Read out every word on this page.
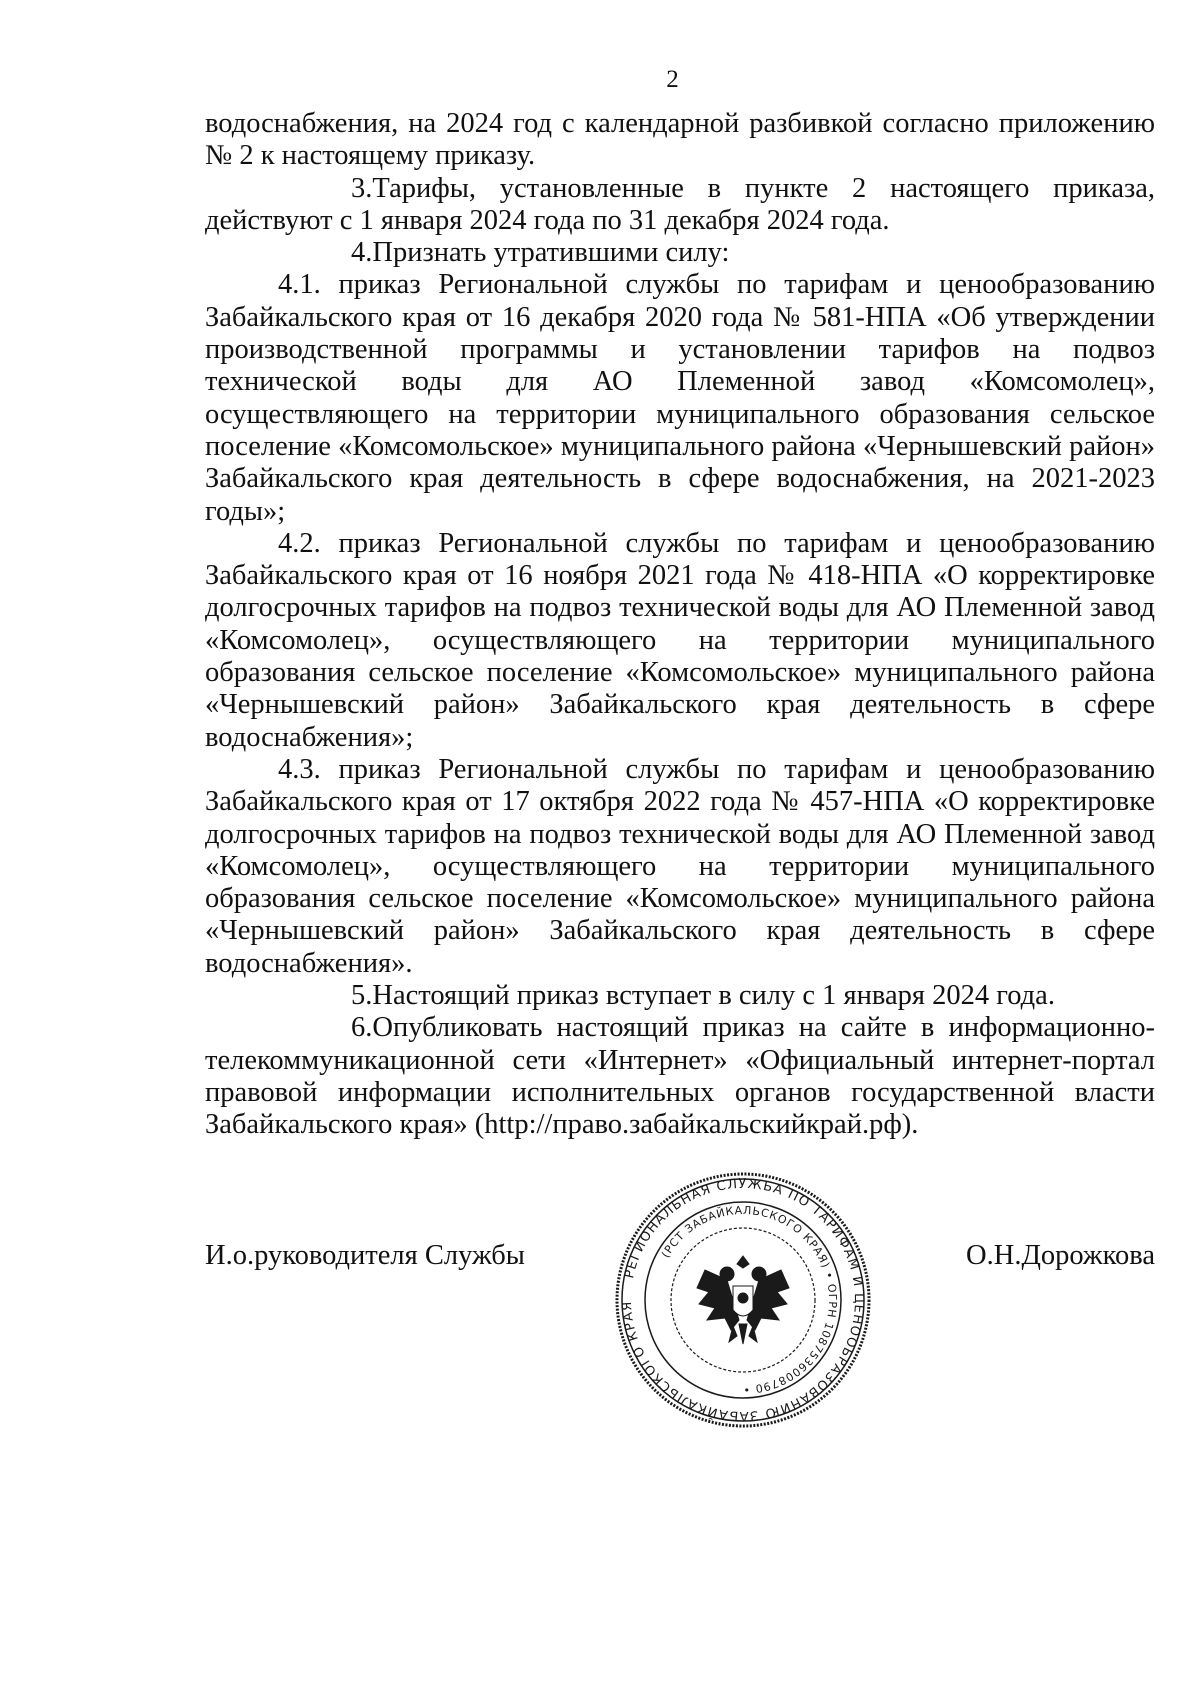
2

водоснабжения, на 2024 год с календарной разбивкой согласно приложению № 2 к настоящему приказу.

3.Тарифы, установленные в пункте 2 настоящего приказа, действуют с 1 января 2024 года по 31 декабря 2024 года.

4.Признать утратившими силу:

4.1. приказ Региональной службы по тарифам и ценообразованию Забайкальского края от 16 декабря 2020 года № 581-НПА «Об утверждении производственной программы и установлении тарифов на подвоз технической воды для АО Племенной завод «Комсомолец», осуществляющего на территории муниципального образования сельское поселение «Комсомольское» муниципального района «Чернышевский район» Забайкальского края деятельность в сфере водоснабжения, на 2021-2023 годы»;

4.2. приказ Региональной службы по тарифам и ценообразованию Забайкальского края от 16 ноября 2021 года № 418-НПА «О корректировке долгосрочных тарифов на подвоз технической воды для АО Племенной завод «Комсомолец», осуществляющего на территории муниципального образования сельское поселение «Комсомольское» муниципального района «Чернышевский район» Забайкальского края деятельность в сфере водоснабжения»;

4.3. приказ Региональной службы по тарифам и ценообразованию Забайкальского края от 17 октября 2022 года № 457-НПА «О корректировке долгосрочных тарифов на подвоз технической воды для АО Племенной завод «Комсомолец», осуществляющего на территории муниципального образования сельское поселение «Комсомольское» муниципального района «Чернышевский район» Забайкальского края деятельность в сфере водоснабжения».

5.Настоящий приказ вступает в силу с 1 января 2024 года.

6.Опубликовать настоящий приказ на сайте в информационно-телекоммуникационной сети «Интернет» «Официальный интернет-портал правовой информации исполнительных органов государственной власти Забайкальского края» (http://право.забайкальскийкрай.рф).

И.о.руководителя Службы	О.Н.Дорожкова
РЕГИОНАЛЬНАЯ СЛУЖБА ПО ТАРИФАМ И ЦЕНООБРАЗОВАНИЮ ЗАБАЙКАЛЬСКОГО КРАЯ
(РСТ ЗАБАЙКАЛЬСКОГО КРАЯ) • ОГРН 1087536008790 •
